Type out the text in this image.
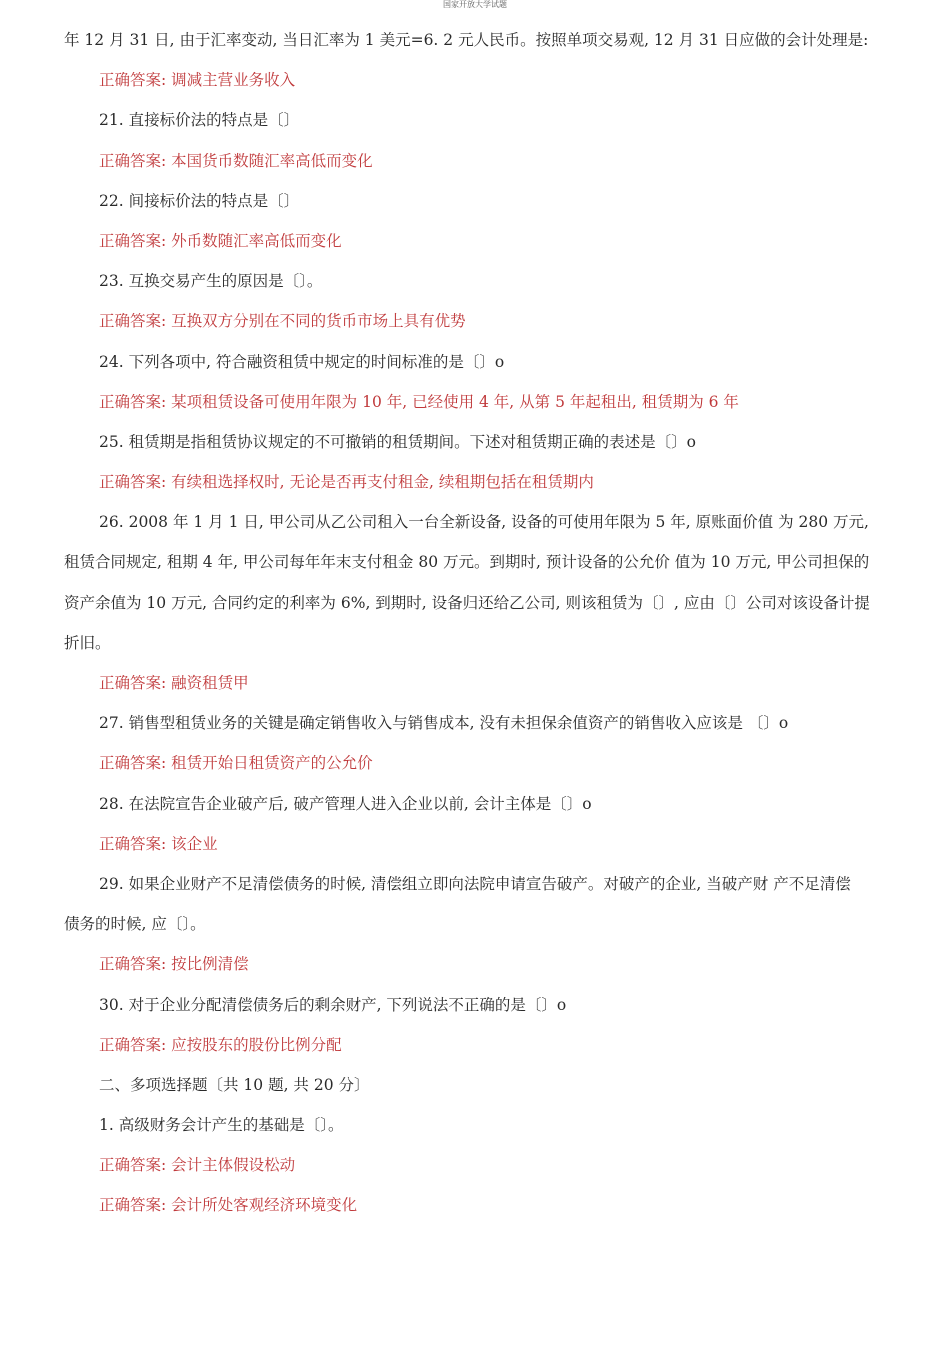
国家开放大学试题
年 12 月 31 日, 由于汇率变动, 当日汇率为 1 美元=6. 2 元人民币。按照单项交易观, 12 月 31 日应做的会计处理是:
正确答案: 调减主营业务收入
21. 直接标价法的特点是〔〕
正确答案: 本国货币数随汇率高低而变化
22. 间接标价法的特点是〔〕
正确答案: 外币数随汇率高低而变化
23. 互换交易产生的原因是〔〕。
正确答案: 互换双方分别在不同的货币市场上具有优势
24. 下列各项中, 符合融资租赁中规定的时间标准的是〔〕o
正确答案: 某项租赁设备可使用年限为 10 年, 已经使用 4 年, 从第 5 年起租出, 租赁期为 6 年
25. 租赁期是指租赁协议规定的不可撤销的租赁期间。下述对租赁期正确的表述是〔〕o
正确答案: 有续租选择权时, 无论是否再支付租金, 续租期包括在租赁期内
26. 2008 年 1 月 1 日, 甲公司从乙公司租入一台全新设备, 设备的可使用年限为 5 年, 原账面价值 为 280 万元,
租赁合同规定, 租期 4 年, 甲公司每年年末支付租金 80 万元。到期时, 预计设备的公允价 值为 10 万元, 甲公司担保的
资产余值为 10 万元, 合同约定的利率为 6%, 到期时, 设备归还给乙公司, 则该租赁为〔〕, 应由〔〕公司对该设备计提
折旧。
正确答案: 融资租赁甲
27. 销售型租赁业务的关键是确定销售收入与销售成本, 没有未担保余值资产的销售收入应该是 〔〕o
正确答案: 租赁开始日租赁资产的公允价
28. 在法院宣告企业破产后, 破产管理人进入企业以前, 会计主体是〔〕o
正确答案: 该企业
29. 如果企业财产不足清偿债务的时候, 清偿组立即向法院申请宣告破产。对破产的企业, 当破产财 产不足清偿
债务的时候, 应〔〕。
正确答案: 按比例清偿
30. 对于企业分配清偿债务后的剩余财产, 下列说法不正确的是〔〕o
正确答案: 应按股东的股份比例分配
二、多项选择题〔共 10 题, 共 20 分〕
1. 高级财务会计产生的基础是〔〕。
正确答案: 会计主体假设松动
正确答案: 会计所处客观经济环境变化
